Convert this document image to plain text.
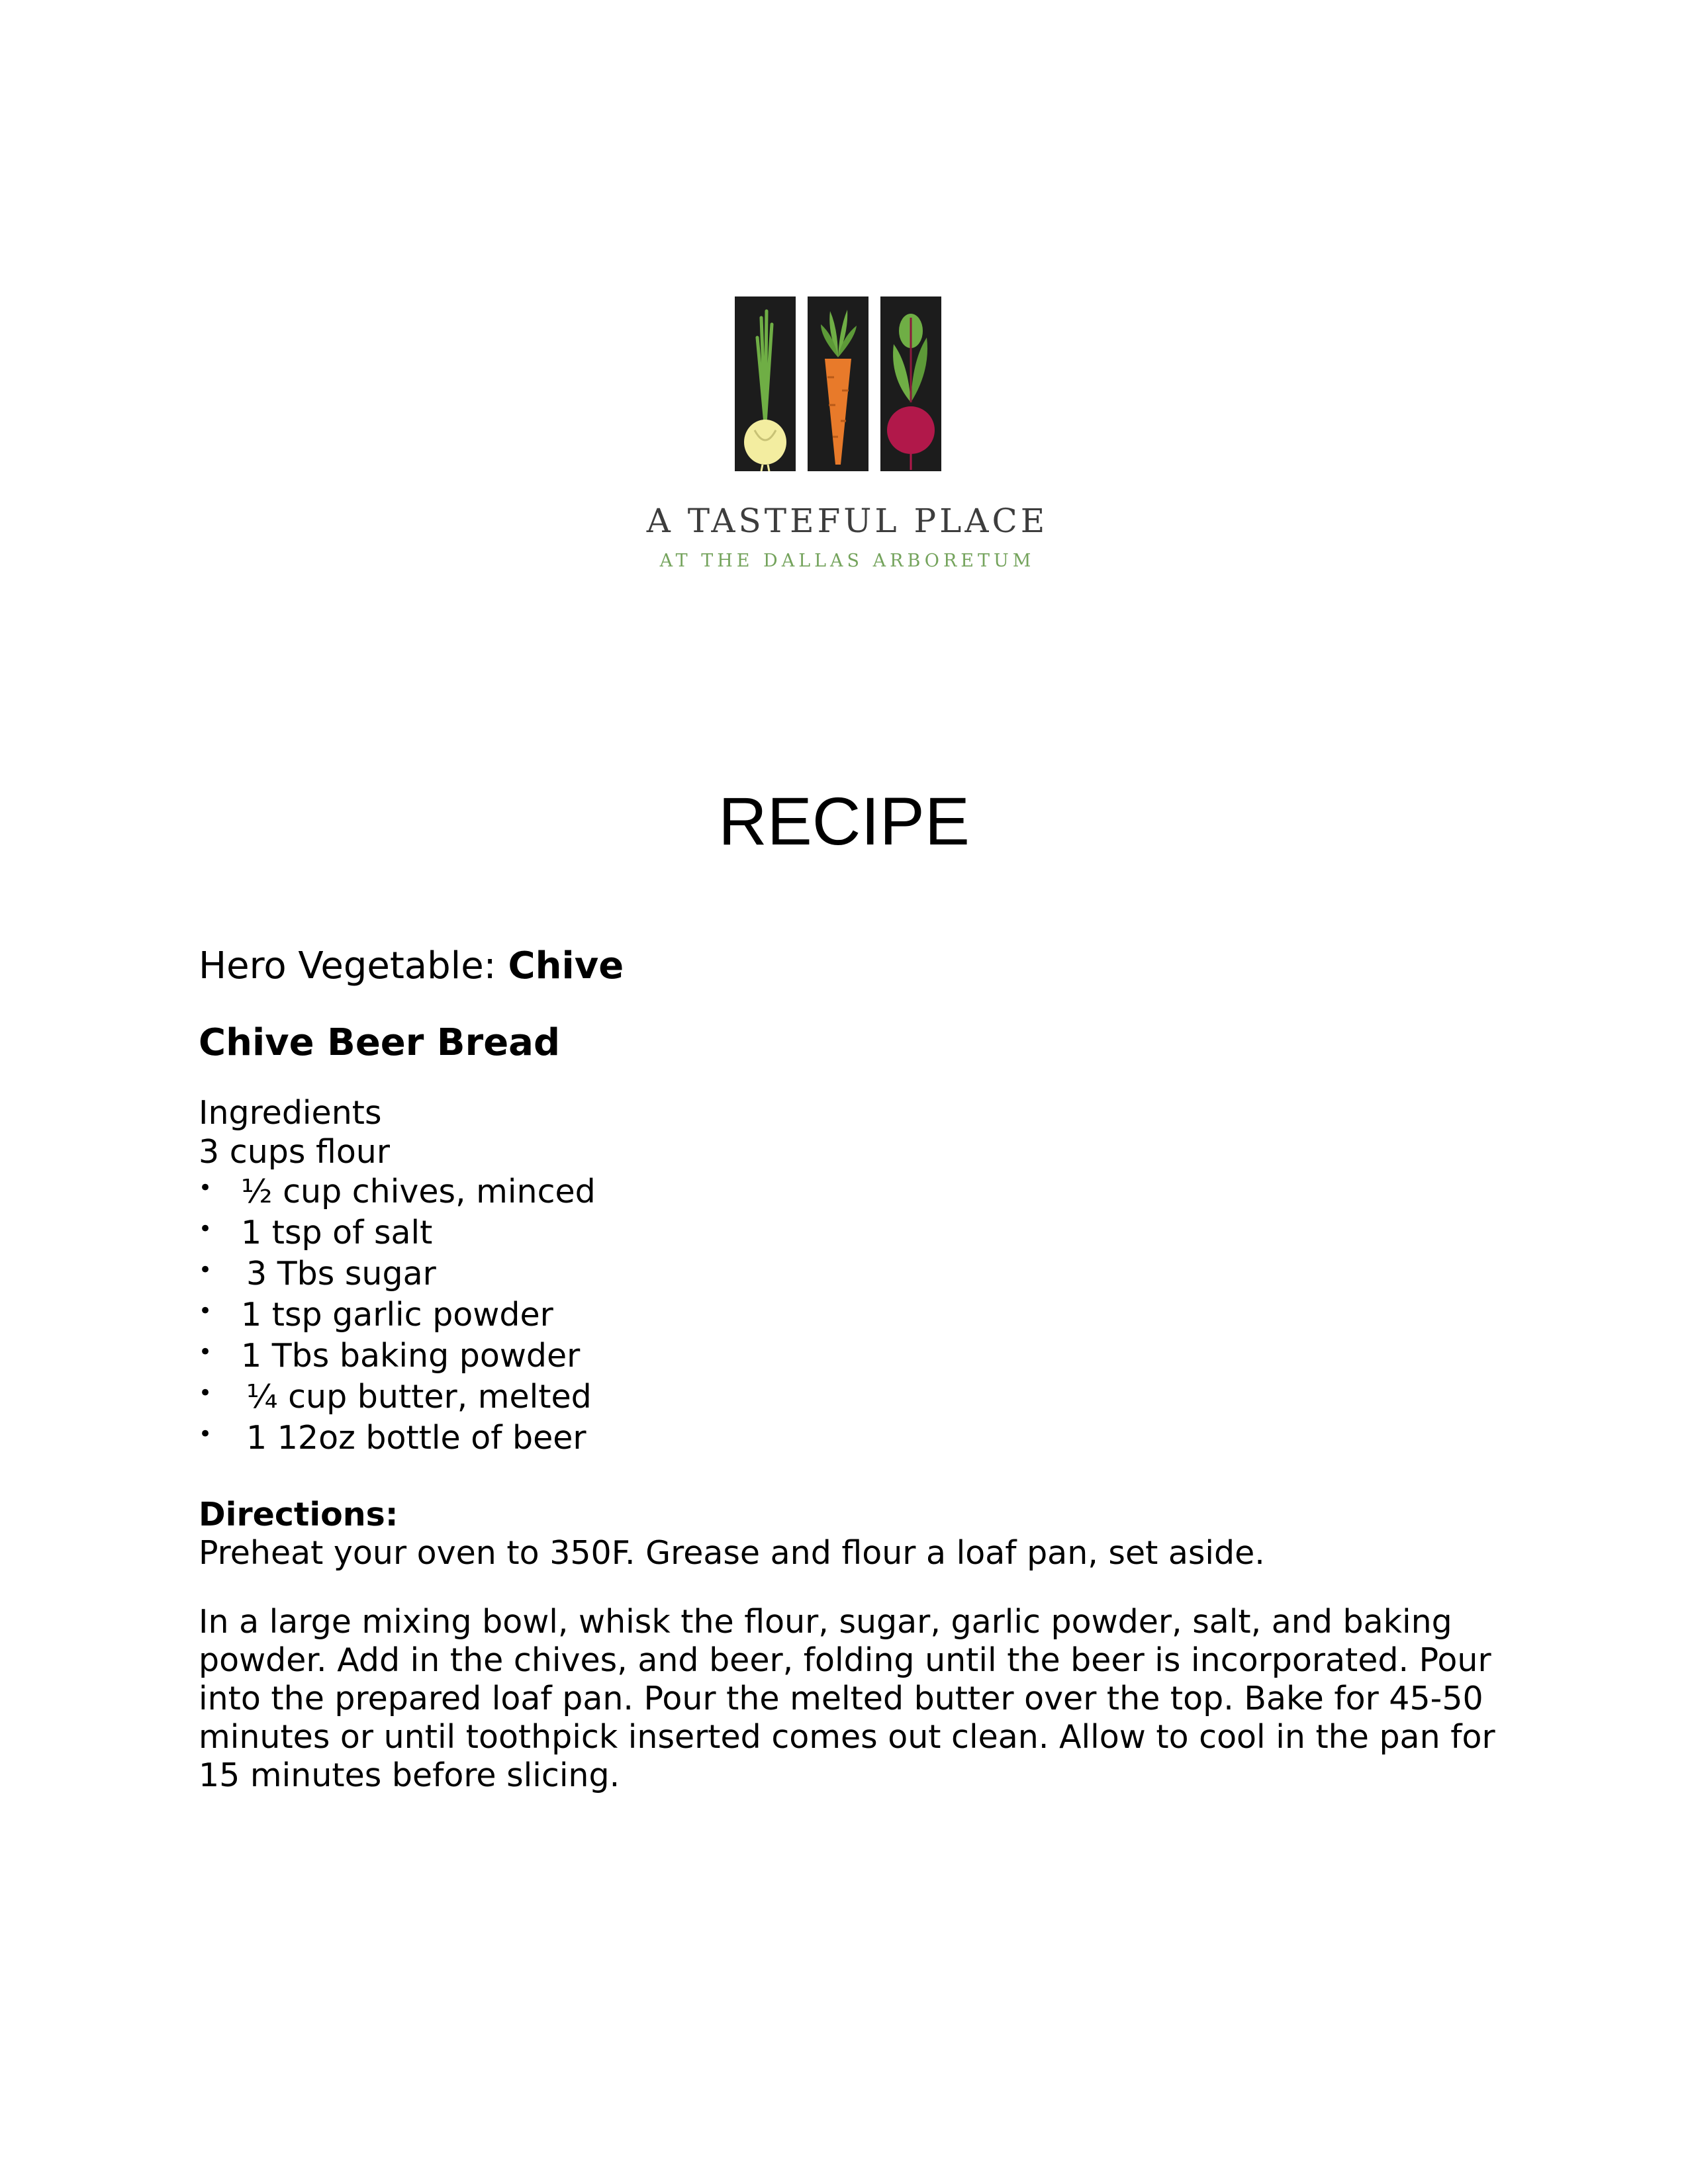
A TASTEFUL PLACE
AT THE DALLAS ARBORETUM
RECIPE

Hero Vegetable: Chive

Chive Beer Bread

Ingredients

3 cups flour

• ½ cup chives, minced
• 1 tsp of salt
• 3 Tbs sugar
• 1 tsp garlic powder
• 1 Tbs baking powder
• ¼ cup butter, melted
• 1 12oz bottle of beer

Directions:

Preheat your oven to 350F. Grease and flour a loaf pan, set aside.

In a large mixing bowl, whisk the flour, sugar, garlic powder, salt, and baking powder. Add in the chives, and beer, folding until the beer is incorporated. Pour into the prepared loaf pan. Pour the melted butter over the top. Bake for 45-50 minutes or until toothpick inserted comes out clean. Allow to cool in the pan for 15 minutes before slicing.
